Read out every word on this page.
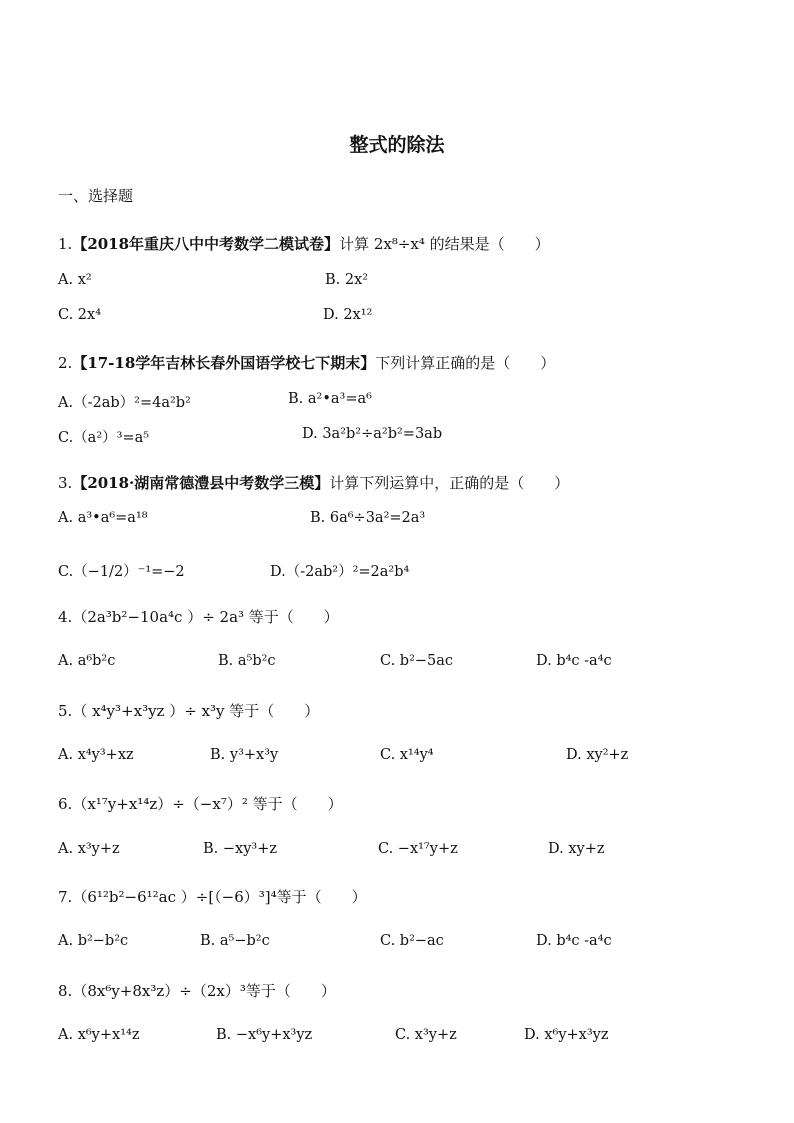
整式的除法
一、选择题
1.【2018年重庆八中中考数学二模试卷】计算 2x⁸÷x⁴ 的结果是（　　）
A. x²	B. 2x²
C. 2x⁴	D. 2x¹²
2.【17-18学年吉林长春外国语学校七下期末】下列计算正确的是（　　）
A.（-2ab）²=4a²b²	B. a²•a³=a⁶
C.（a²）³=a⁵	D. 3a²b²÷a²b²=3ab
3.【2018·湖南常德澧县中考数学三模】计算下列运算中，正确的是（　　）
A. a³•a⁶=a¹⁸	B. 6a⁶÷3a²=2a³
C.（−1/2）⁻¹=−2	D.（-2ab²）²=2a²b⁴
4.（2a³b²−10a⁴c ）÷ 2a³ 等于（　　）
A. a⁶b²c	B. a⁵b²c	C. b²−5ac	D. b⁴c -a⁴c
5.（ x⁴y³+x³yz ）÷ x³y 等于（　　）
A. x⁴y³+xz	B. y³+x³y	C. x¹⁴y⁴	D. xy²+z
6.（x¹⁷y+x¹⁴z）÷（−x⁷）² 等于（　　）
A. x³y+z	B. −xy³+z	C. −x¹⁷y+z	D. xy+z
7.（6¹²b²−6¹²ac ）÷[（−6）³]⁴等于（　　）
A. b²−b²c	B. a⁵−b²c	C. b²−ac	D. b⁴c -a⁴c
8.（8x⁶y+8x³z）÷（2x）³等于（　　）
A. x⁶y+x¹⁴z	B. −x⁶y+x³yz	C. x³y+z	D. x⁶y+x³yz
